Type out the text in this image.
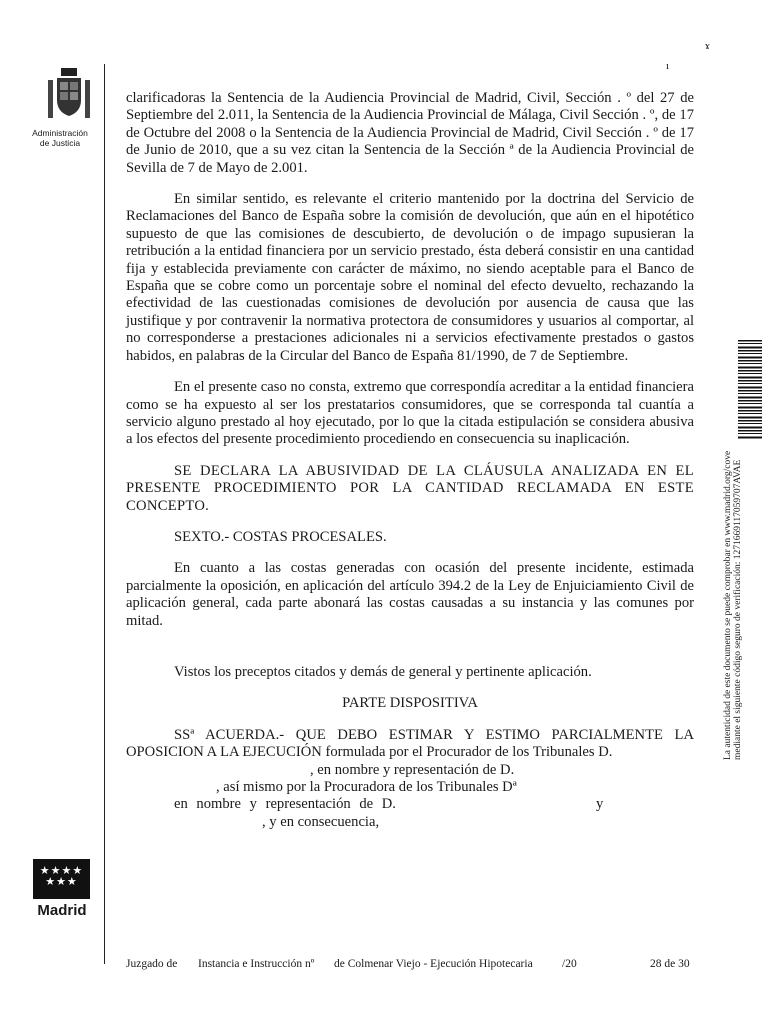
Administración
de Justicia
★★★★
★★★
Madrid
ɤ
ı

clarificadoras la Sentencia de la Audiencia Provincial de Madrid, Civil, Sección . º del 27 de Septiembre del 2.011, la Sentencia de la Audiencia Provincial de Málaga, Civil Sección . º, de 17 de Octubre del 2008 o la Sentencia de la Audiencia Provincial de Madrid, Civil Sección . º de 17 de Junio de 2010, que a su vez citan la Sentencia de la Sección ª de la Audiencia Provincial de Sevilla de 7 de Mayo de 2.001.

En similar sentido, es relevante el criterio mantenido por la doctrina del Servicio de Reclamaciones del Banco de España sobre la comisión de devolución, que aún en el hipotético supuesto de que las comisiones de descubierto, de devolución o de impago supusieran la retribución a la entidad financiera por un servicio prestado, ésta deberá consistir en una cantidad fija y establecida previamente con carácter de máximo, no siendo aceptable para el Banco de España que se cobre como un porcentaje sobre el nominal del efecto devuelto, rechazando la efectividad de las cuestionadas comisiones de devolución por ausencia de causa que las justifique y por contravenir la normativa protectora de consumidores y usuarios al comportar, al no corresponderse a prestaciones adicionales ni a servicios efectivamente prestados o gastos habidos, en palabras de la Circular del Banco de España 81/1990, de 7 de Septiembre.

En el presente caso no consta, extremo que correspondía acreditar a la entidad financiera como se ha expuesto al ser los prestatarios consumidores, que se corresponda tal cuantía a servicio alguno prestado al hoy ejecutado, por lo que la citada estipulación se considera abusiva a los efectos del presente procedimiento procediendo en consecuencia su inaplicación.

SE DECLARA LA ABUSIVIDAD DE LA CLÁUSULA ANALIZADA EN EL PRESENTE PROCEDIMIENTO POR LA CANTIDAD RECLAMADA EN ESTE CONCEPTO.

SEXTO.- COSTAS PROCESALES.

En cuanto a las costas generadas con ocasión del presente incidente, estimada parcialmente la oposición, en aplicación del artículo 394.2 de la Ley de Enjuiciamiento Civil de aplicación general, cada parte abonará las costas causadas a su instancia y las comunes por mitad.

Vistos los preceptos citados y demás de general y pertinente aplicación.

PARTE DISPOSITIVA

SSª ACUERDA.- QUE DEBO ESTIMAR Y ESTIMO PARCIALMENTE LA OPOSICION A LA EJECUCIÓN formulada por el Procurador de los Tribunales D.

, en nombre y representación de D.

, así mismo por la Procuradora de los Tribunales Dª

en nombre y representación de D.	y

, y en consecuencia,

La autenticidad de este documento se puede comprobar en www.madrid.org/cove mediante el siguiente código seguro de verificación: 1271669117059707AVAE
Juzgado de Instancia e Instrucción nº de Colmenar Viejo - Ejecución Hipotecaria	/20	28 de 30
